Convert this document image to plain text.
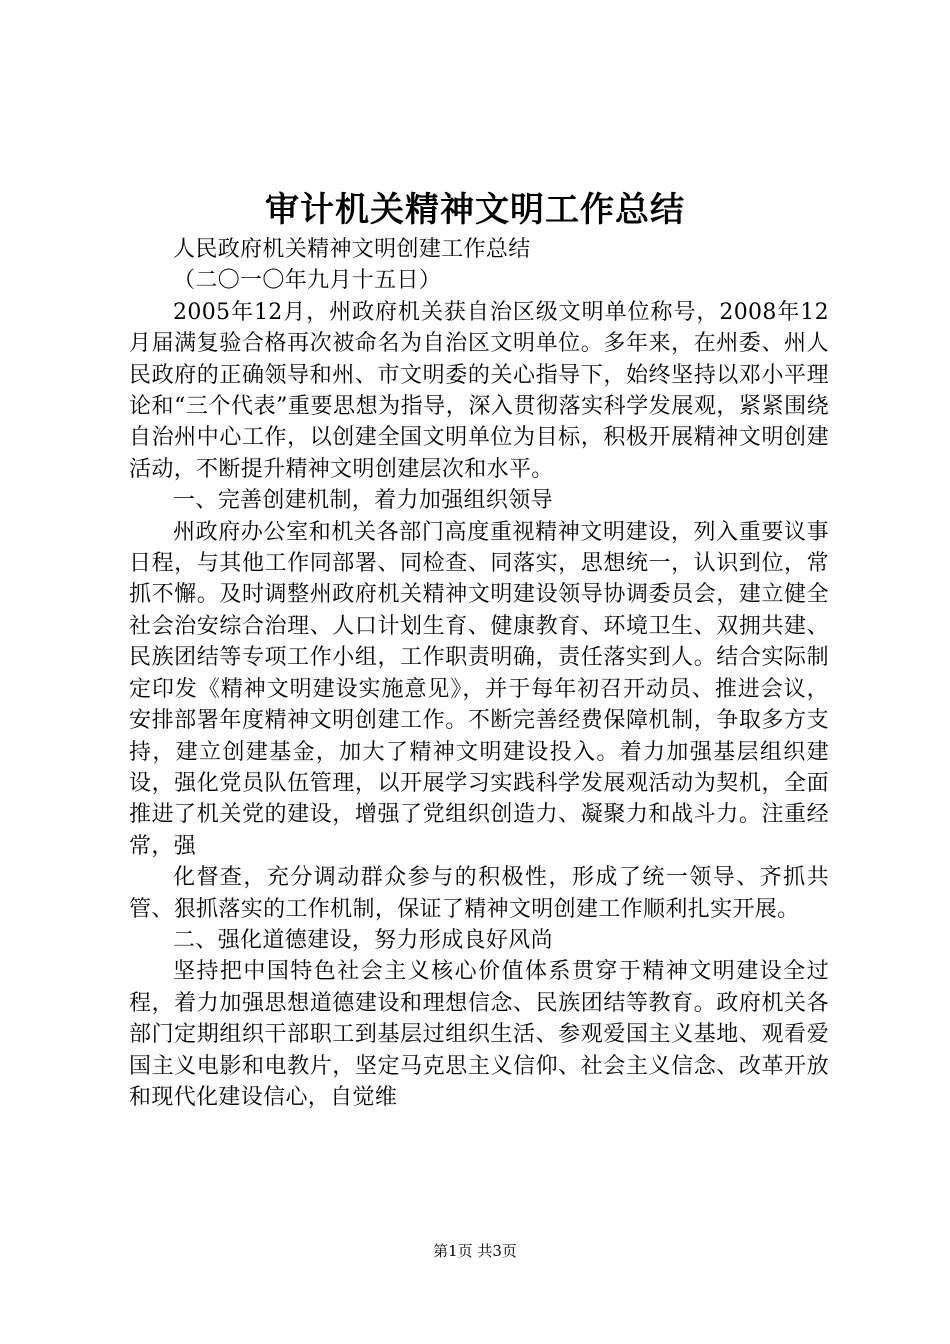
审计机关精神文明工作总结

人民政府机关精神文明创建工作总结

（二〇一〇年九月十五日）

2005年12月，州政府机关获自治区级文明单位称号，2008年12月届满复验合格再次被命名为自治区文明单位。多年来，在州委、州人民政府的正确领导和州、市文明委的关心指导下，始终坚持以邓小平理论和“三个代表”重要思想为指导，深入贯彻落实科学发展观，紧紧围绕自治州中心工作，以创建全国文明单位为目标，积极开展精神文明创建活动，不断提升精神文明创建层次和水平。

一、完善创建机制，着力加强组织领导

州政府办公室和机关各部门高度重视精神文明建设，列入重要议事日程，与其他工作同部署、同检查、同落实，思想统一，认识到位，常抓不懈。及时调整州政府机关精神文明建设领导协调委员会，建立健全社会治安综合治理、人口计划生育、健康教育、环境卫生、双拥共建、民族团结等专项工作小组，工作职责明确，责任落实到人。结合实际制定印发《精神文明建设实施意见》，并于每年初召开动员、推进会议，安排部署年度精神文明创建工作。不断完善经费保障机制，争取多方支持，建立创建基金，加大了精神文明建设投入。着力加强基层组织建设，强化党员队伍管理，以开展学习实践科学发展观活动为契机，全面推进了机关党的建设，增强了党组织创造力、凝聚力和战斗力。注重经常，强

化督查，充分调动群众参与的积极性，形成了统一领导、齐抓共管、狠抓落实的工作机制，保证了精神文明创建工作顺利扎实开展。

二、强化道德建设，努力形成良好风尚

坚持把中国特色社会主义核心价值体系贯穿于精神文明建设全过程，着力加强思想道德建设和理想信念、民族团结等教育。政府机关各部门定期组织干部职工到基层过组织生活、参观爱国主义基地、观看爱国主义电影和电教片，坚定马克思主义信仰、社会主义信念、改革开放和现代化建设信心，自觉维

第1页 共3页
